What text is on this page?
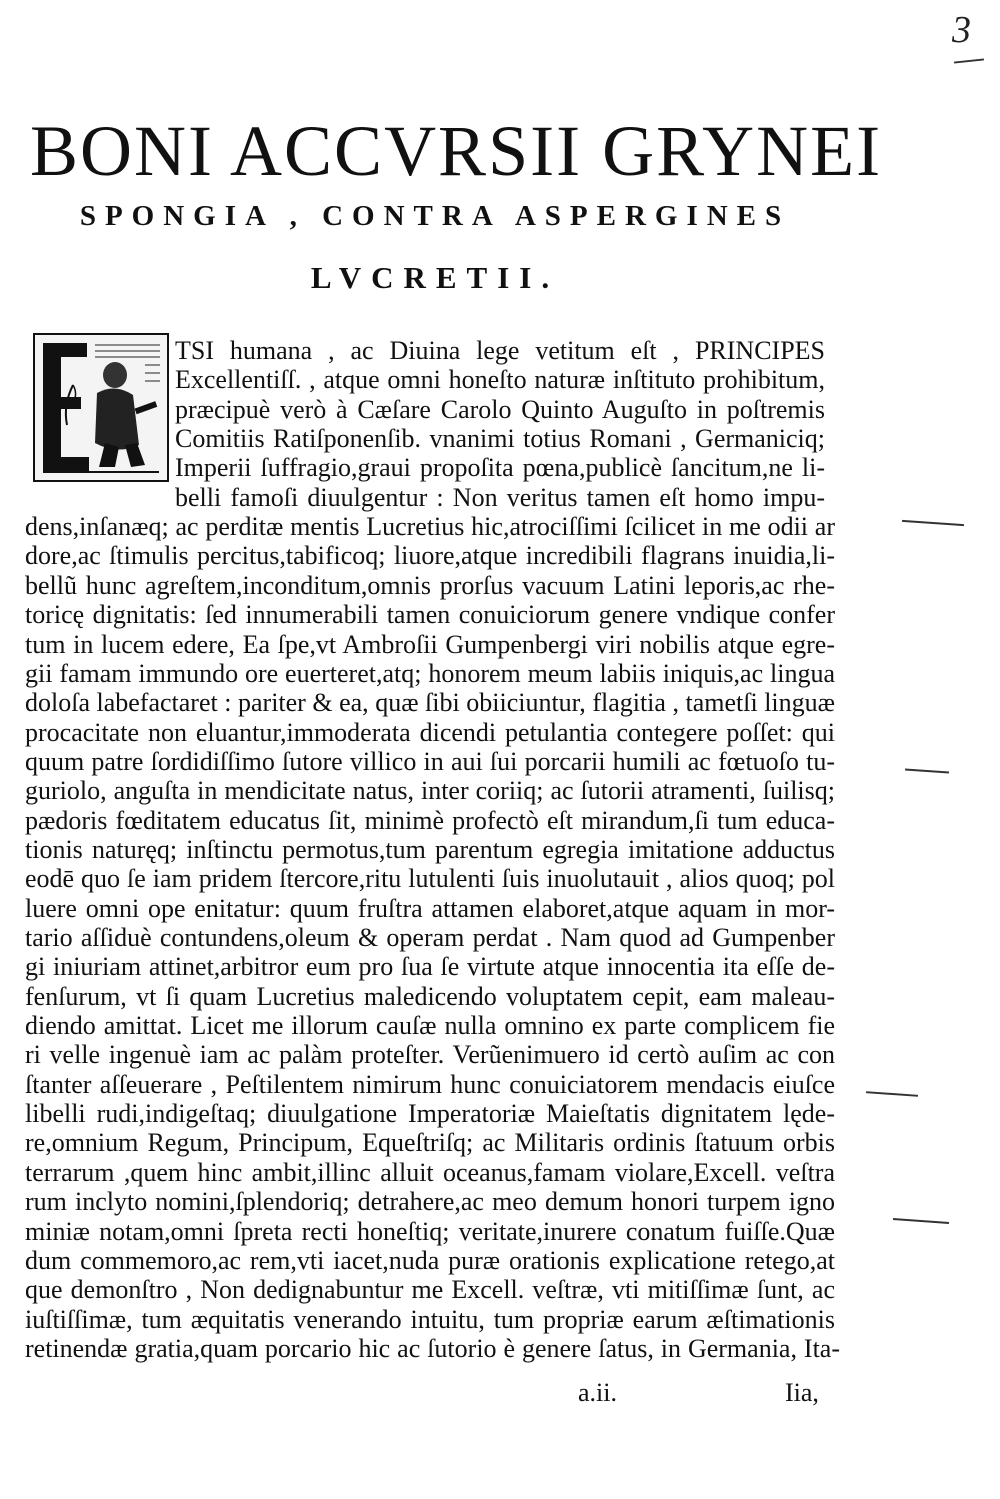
3
BONI ACCVRSII GRYNEI
SPONGIA , CONTRA ASPERGINES
LVCRETII.
TSI humana , ac Diuina lege vetitum eſt , PRINCIPES
Excellentiſſ. , atque omni honeſto naturæ inſtituto prohibitum,
præcipuè verò à Cæſare Carolo Quinto Auguſto in poſtremis
Comitiis Ratiſponenſib. vnanimi totius Romani , Germaniciq;
Imperii ſuffragio,graui propoſita pœna,publicè ſancitum,ne li-
belli famoſi diuulgentur : Non veritus tamen eſt homo impu-
dens,inſanæq; ac perditæ mentis Lucretius hic,atrociſſimi ſcilicet in me odii ar
dore,ac ſtimulis percitus,tabificoq; liuore,atque incredibili flagrans inuidia,li-
bellũ hunc agreſtem,inconditum,omnis prorſus vacuum Latini leporis,ac rhe-
toricę dignitatis: ſed innumerabili tamen conuiciorum genere vndique confer
tum in lucem edere, Ea ſpe,vt Ambroſii Gumpenbergi viri nobilis atque egre-
gii famam immundo ore euerteret,atq; honorem meum labiis iniquis,ac lingua
doloſa labefactaret : pariter & ea, quæ ſibi obiiciuntur, flagitia , tametſi linguæ
procacitate non eluantur,immoderata dicendi petulantia contegere poſſet: qui
quum patre ſordidiſſimo ſutore villico in aui ſui porcarii humili ac fœtuoſo tu-
guriolo, anguſta in mendicitate natus, inter coriiq; ac ſutorii atramenti, ſuilisq;
pædoris fœditatem educatus ſit, minimè profectò eſt mirandum,ſi tum educa-
tionis naturęq; inſtinctu permotus,tum parentum egregia imitatione adductus
eodē quo ſe iam pridem ſtercore,ritu lutulenti ſuis inuolutauit , alios quoq; pol
luere omni ope enitatur: quum fruſtra attamen elaboret,atque aquam in mor-
tario aſſiduè contundens,oleum & operam perdat . Nam quod ad Gumpenber
gi iniuriam attinet,arbitror eum pro ſua ſe virtute atque innocentia ita eſſe de-
fenſurum, vt ſi quam Lucretius maledicendo voluptatem cepit, eam maleau-
diendo amittat. Licet me illorum cauſæ nulla omnino ex parte complicem fie
ri velle ingenuè iam ac palàm proteſter. Verũenimuero id certò auſim ac con
ſtanter aſſeuerare , Peſtilentem nimirum hunc conuiciatorem mendacis eiuſce
libelli rudi,indigeſtaq; diuulgatione Imperatoriæ Maieſtatis dignitatem lęde-
re,omnium Regum, Principum, Equeſtriſq; ac Militaris ordinis ſtatuum orbis
terrarum ,quem hinc ambit,illinc alluit oceanus,famam violare,Excell. veſtra
rum inclyto nomini,ſplendoriq; detrahere,ac meo demum honori turpem igno
miniæ notam,omni ſpreta recti honeſtiq; veritate,inurere conatum fuiſſe.Quæ
dum commemoro,ac rem,vti iacet,nuda puræ orationis explicatione retego,at
que demonſtro , Non dedignabuntur me Excell. veſtræ, vti mitiſſimæ ſunt, ac
iuſtiſſimæ, tum æquitatis venerando intuitu, tum propriæ earum æſtimationis
retinendæ gratia,quam porcario hic ac ſutorio è genere ſatus, in Germania, Ita-
a.ii.	Iia,
